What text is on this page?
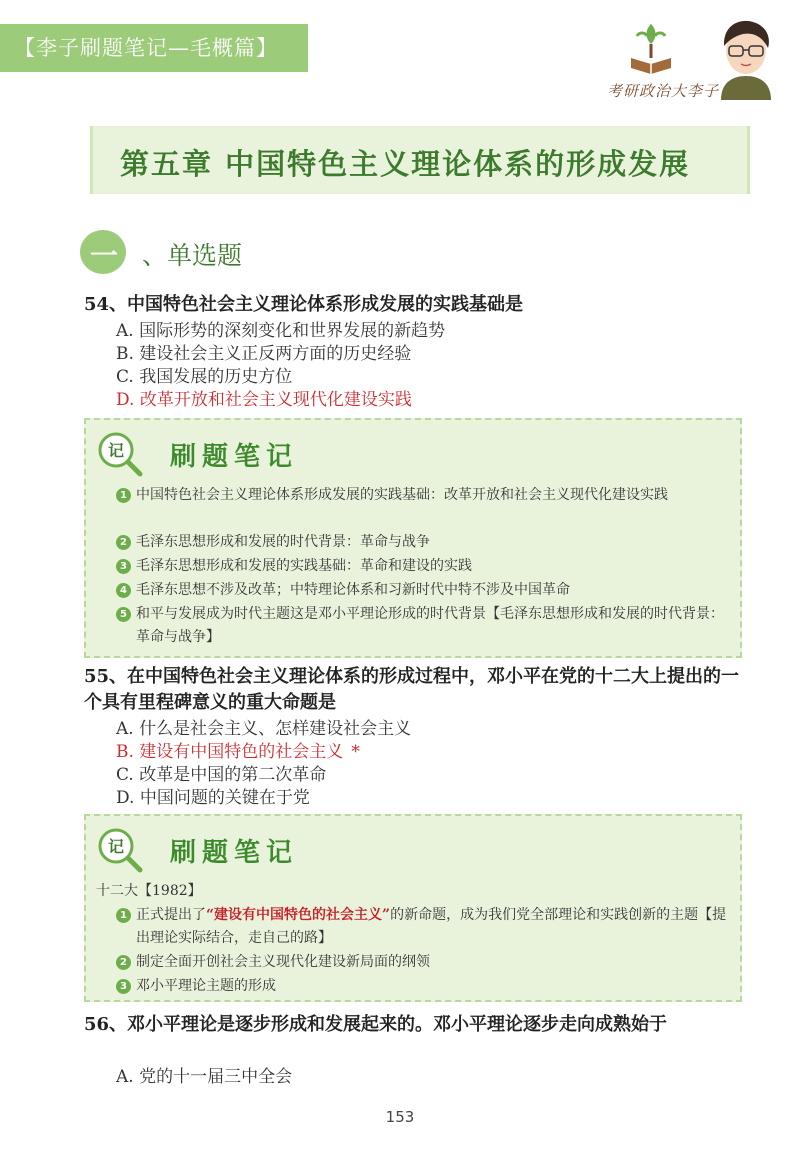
【李子刷题笔记—毛概篇】
考研政治大李子
第五章 中国特色主义理论体系的形成发展
一 、单选题
54、中国特色社会主义理论体系形成发展的实践基础是
A. 国际形势的深刻变化和世界发展的新趋势
B. 建设社会主义正反两方面的历史经验
C. 我国发展的历史方位
D. 改革开放和社会主义现代化建设实践
记 刷题笔记
1 中国特色社会主义理论体系形成发展的实践基础：改革开放和社会主义现代化建设实践
2 毛泽东思想形成和发展的时代背景：革命与战争
3 毛泽东思想形成和发展的实践基础：革命和建设的实践
4 毛泽东思想不涉及改革；中特理论体系和习新时代中特不涉及中国革命
5 和平与发展成为时代主题这是邓小平理论形成的时代背景【毛泽东思想形成和发展的时代背景：革命与战争】
55、在中国特色社会主义理论体系的形成过程中，邓小平在党的十二大上提出的一个具有里程碑意义的重大命题是
A. 什么是社会主义、怎样建设社会主义
B. 建设有中国特色的社会主义 *
C. 改革是中国的第二次革命
D. 中国问题的关键在于党
记 刷题笔记
十二大【1982】
1 正式提出了“建设有中国特色的社会主义”的新命题，成为我们党全部理论和实践创新的主题【提出理论实际结合，走自己的路】
2 制定全面开创社会主义现代化建设新局面的纲领
3 邓小平理论主题的形成
56、邓小平理论是逐步形成和发展起来的。邓小平理论逐步走向成熟始于
A. 党的十一届三中全会
153
